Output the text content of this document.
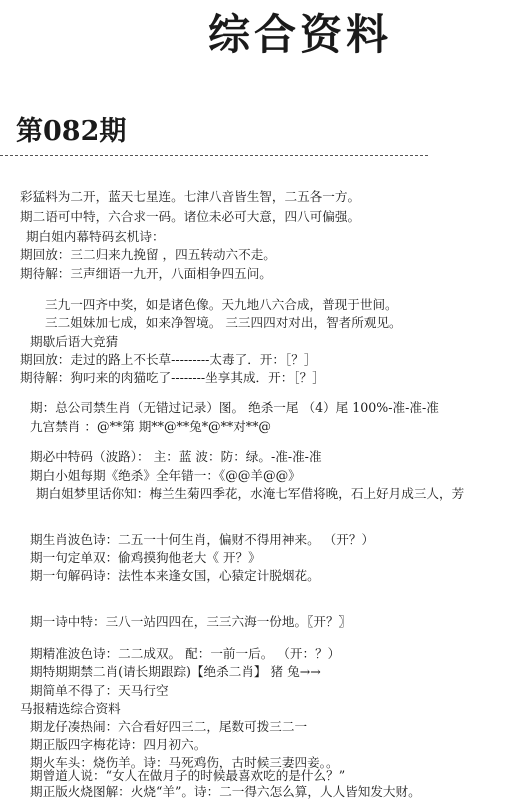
综合资料
第082期
彩猛料为二开，蓝天七星连。七津八音皆生智，二五各一方。
期二语可中特，六合求一码。诸位未必可大意，四八可偏强。
期白姐内幕特码玄机诗：
期回放：三二归来九挽留 ，四五转动六不走。
期待解：三声细语一九开，八面相争四五问。
三九一四齐中奖，如是诸色像。天九地八六合成，普现于世间。
三二姐妹加七成，如来净智境。 三三四四对对出，智者所观见。
期歇后语大竞猜
期回放：走过的路上不长草---------太毒了．开：［？］
期待解：狗叼来的肉猫吃了--------坐享其成．开：［？］
期：总公司禁生肖（无错过记录）图。 绝杀一尾 （4）尾 100%-准-准-准
九宫禁肖 ：@**第 期**@**兔*@**对**@
期必中特码（波路）： 主：蓝 波：防：绿。-准-准-准
期白小姐每期《绝杀》全年错一：《@@羊@@》
期白姐梦里话你知：梅兰生菊四季花，水淹七军借将晚，石上好月成三人，芳
期生肖波色诗：二五一十何生肖，偏财不得用神来。 （开？）
期一句定单双：偷鸡摸狗他老大《 开？》
期一句解码诗：法性本来逢女国，心猿定计脱烟花。
期一诗中特：三八一站四四在，三三六海一份地。〖开？〗
期精准波色诗：二二成双。 配：一前一后。 （开：？）
期特期期禁二肖(请长期跟踪)【绝杀二肖】 猪 兔→→
期简单不得了：天马行空
马报精选综合资料
期龙仔凑热闹：六合看好四三二，尾数可拨三二一
期正版四字梅花诗：四月初六。
期火车头：烧伤羊。诗：马死鸡伤，古时候三妻四妾。。
期曾道人说：“女人在做月子的时候最喜欢吃的是什么？”
期正版火烧图解：火烧“羊”。诗：二一得六怎么算，人人皆知发大财。
